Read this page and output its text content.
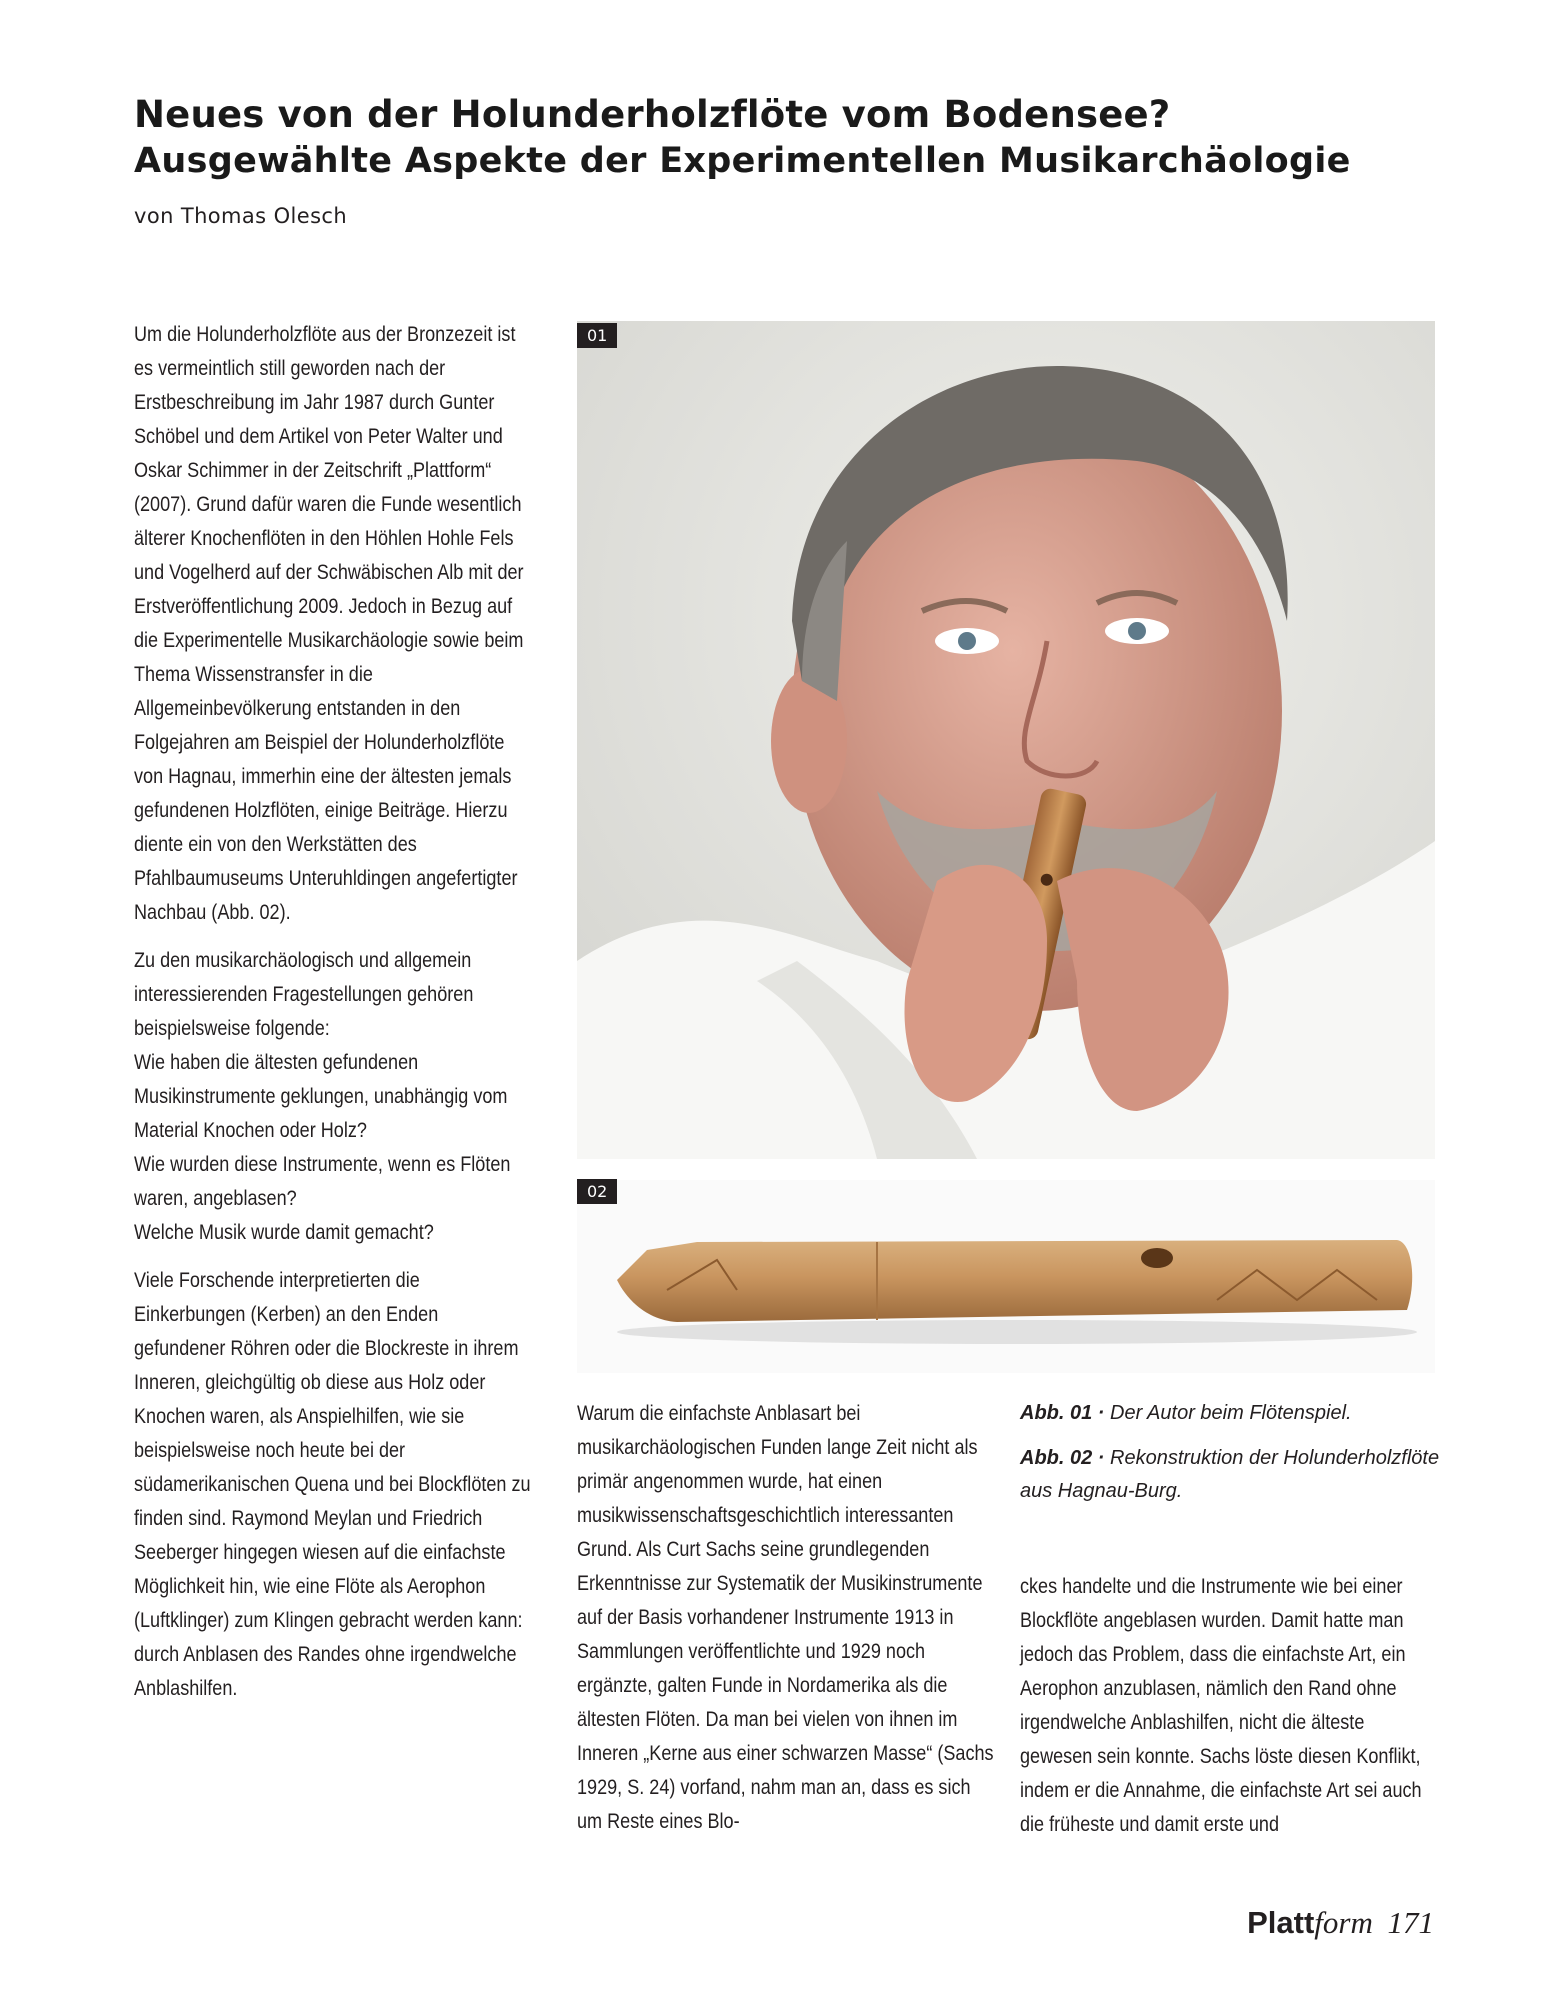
Neues von der Holunderholzflöte vom Bodensee?
Ausgewählte Aspekte der Experimentellen Musikarchäologie
von Thomas Olesch

Um die Holunderholzflöte aus der Bronzezeit ist es vermeintlich still geworden nach der Erstbeschreibung im Jahr 1987 durch Gunter Schöbel und dem Artikel von Peter Walter und Oskar Schimmer in der Zeitschrift „Plattform“ (2007). Grund dafür waren die Funde wesentlich älterer Knochenflöten in den Höhlen Hohle Fels und Vogelherd auf der Schwäbischen Alb mit der Erstveröffentlichung 2009. Jedoch in Bezug auf die Experimentelle Musikarchäologie sowie beim Thema Wissenstransfer in die Allgemeinbevölkerung entstanden in den Folgejahren am Beispiel der Holunderholzflöte von Hagnau, immerhin eine der ältesten jemals gefundenen Holzflöten, einige Beiträge. Hierzu diente ein von den Werkstätten des Pfahlbaumuseums Unteruhldingen angefertigter Nachbau (Abb. 02).

Zu den musikarchäologisch und allgemein interessierenden Fragestellungen gehören beispielsweise folgende:
Wie haben die ältesten gefundenen Musikinstrumente geklungen, unabhängig vom Material Knochen oder Holz?
Wie wurden diese Instrumente, wenn es Flöten waren, angeblasen?
Welche Musik wurde damit gemacht?

Viele Forschende interpretierten die Einkerbungen (Kerben) an den Enden gefundener Röhren oder die Blockreste in ihrem Inneren, gleichgültig ob diese aus Holz oder Knochen waren, als Anspielhilfen, wie sie beispielsweise noch heute bei der südamerikanischen Quena und bei Blockflöten zu finden sind. Raymond Meylan und Friedrich Seeberger hingegen wiesen auf die einfachste Möglichkeit hin, wie eine Flöte als Aerophon (Luftklinger) zum Klingen gebracht werden kann: durch Anblasen des Randes ohne irgendwelche Anblashilfen.

01
02

Warum die einfachste Anblasart bei musikarchäologischen Funden lange Zeit nicht als primär angenommen wurde, hat einen musikwissenschaftsgeschichtlich interessanten Grund. Als Curt Sachs seine grundlegenden Erkenntnisse zur Systematik der Musikinstrumente auf der Basis vorhandener Instrumente 1913 in Sammlungen veröffentlichte und 1929 noch ergänzte, galten Funde in Nordamerika als die ältesten Flöten. Da man bei vielen von ihnen im Inneren „Kerne aus einer schwarzen Masse“ (Sachs 1929, S. 24) vorfand, nahm man an, dass es sich um Reste eines Blo-

Abb. 01 · Der Autor beim Flötenspiel.

Abb. 02 · Rekonstruktion der Holunderholzflöte aus Hagnau-Burg.

ckes handelte und die Instrumente wie bei einer Blockflöte angeblasen wurden. Damit hatte man jedoch das Problem, dass die einfachste Art, ein Aerophon anzublasen, nämlich den Rand ohne irgendwelche Anblashilfen, nicht die älteste gewesen sein konnte. Sachs löste diesen Konflikt, indem er die Annahme, die einfachste Art sei auch die früheste und damit erste und

Plattform 171
